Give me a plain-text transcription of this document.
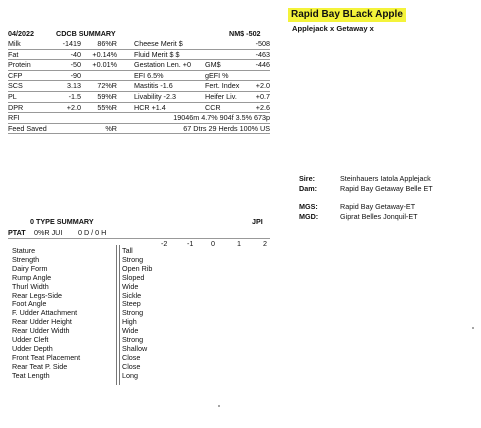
Rapid Bay BLack Apple
Applejack x Getaway x
04/2022	CDCB SUMMARY	NM$ -502
Milk	-1419 86%R Cheese Merit $	-508
Fat	-40 +0.14% Fluid Merit $ $	-463
Protein	-50 +0.01% Gestation Len. +0 GM$	-446
CFP	-90	EFI 6.5%	gEFI %
SCS	3.13 72%R Mastitis -1.6	Fert. Index +2.0
PL	-1.5 59%R Livability -2.3	Heifer Liv.	+0.7
DPR	+2.0 55%R HCR +1.4	CCR	+2.6
RFI	19046m 4.7% 904f 3.5% 673p
Feed Saved	%R	67 Dtrs 29 Herds 100% US
Sire:	Steinhauers Iatola Applejack
Dam:	Rapid Bay Getaway Belle ET
MGS:	Rapid Bay Getaway-ET
MGD:	Giprat Belles Jonquil-ET
0 TYPE SUMMARY	JPI
PTAT 0%R JUI 0 D / 0 H
-2	-1 0	1	2
Stature	Tall
Strength	Strong
Dairy Form	Open Rib
Rump Angle	Sloped
Thurl Width	Wide
Rear Legs-Side	Sickle
Foot Angle	Steep
F. Udder Attachment	Strong
Rear Udder Height	High
Rear Udder Width	Wide
Udder Cleft	Strong
Udder Depth	Shallow
Front Teat Placement	Close
Rear Teat P. Side	Close
Teat Length	Long
